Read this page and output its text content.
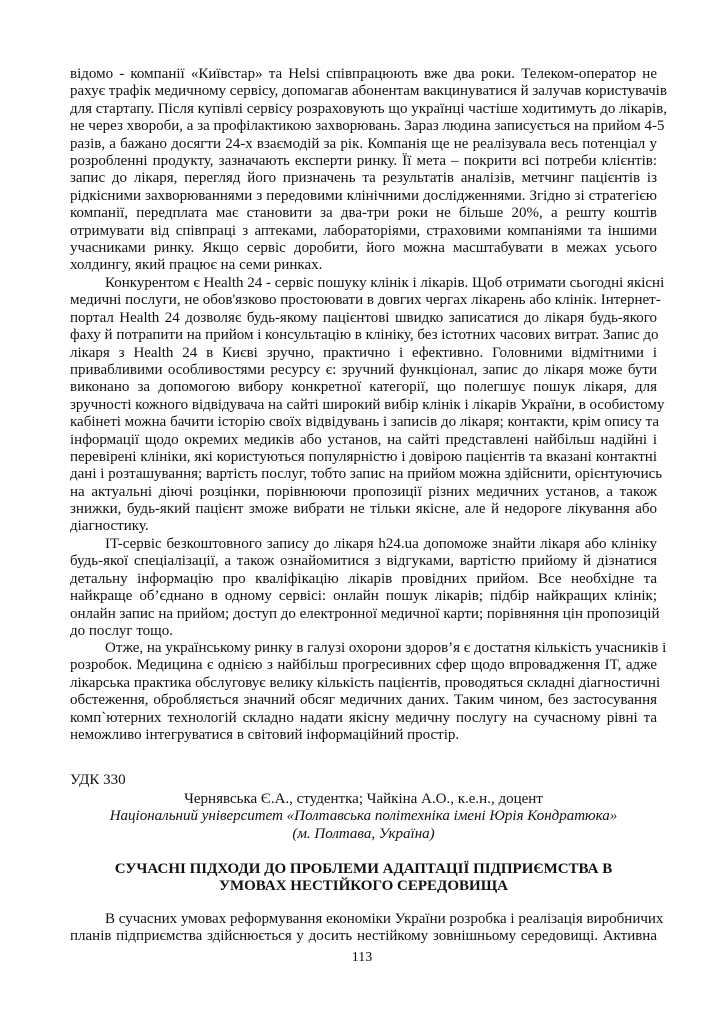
відомо - компанії «Київстар» та Helsi співпрацюють вже два роки. Телеком-оператор не
рахує трафік медичному сервісу, допомагав абонентам вакцинуватися й залучав користувачів
для стартапу. Після купівлі сервісу розраховують що українці частіше ходитимуть до лікарів,
не через хвороби, а за профілактикою захворювань. Зараз людина записується на прийом 4-5
разів, а бажано досягти 24-х взаємодій за рік. Компанія ще не реалізувала весь потенціал у
розробленні продукту, зазначають експерти ринку. Її мета – покрити всі потреби клієнтів:
запис до лікаря, перегляд його призначень та результатів аналізів, метчинг пацієнтів із
рідкісними захворюваннями з передовими клінічними дослідженнями. Згідно зі стратегією
компанії, передплата має становити за два-три роки не більше 20%, а решту коштів
отримувати від співпраці з аптеками, лабораторіями, страховими компаніями та іншими
учасниками ринку. Якщо сервіс доробити, його можна масштабувати в межах усього
холдингу, який працює на семи ринках.
Конкурентом є Health 24 - сервіс пошуку клінік і лікарів. Щоб отримати сьогодні якісні
медичні послуги, не обов'язково простоювати в довгих чергах лікарень або клінік. Інтернет-
портал Health 24 дозволяє будь-якому пацієнтові швидко записатися до лікаря будь-якого
фаху й потрапити на прийом і консультацію в клініку, без істотних часових витрат. Запис до
лікаря з Health 24 в Києві зручно, практично і ефективно. Головними відмітними і
привабливими особливостями ресурсу є: зручний функціонал, запис до лікаря може бути
виконано за допомогою вибору конкретної категорії, що полегшує пошук лікаря, для
зручності кожного відвідувача на сайті широкий вибір клінік і лікарів України, в особистому
кабінеті можна бачити історію своїх відвідувань і записів до лікаря; контакти, крім опису та
інформації щодо окремих медиків або установ, на сайті представлені найбільш надійні і
перевірені клініки, які користуються популярністю і довірою пацієнтів та вказані контактні
дані і розташування; вартість послуг, тобто запис на прийом можна здійснити, орієнтуючись
на актуальні діючі розцінки, порівнюючи пропозиції різних медичних установ, а також
знижки, будь-який пацієнт зможе вибрати не тільки якісне, але й недороге лікування або
діагностику.
IT-сервіс безкоштовного запису до лікаря h24.ua допоможе знайти лікаря або клініку
будь-якої спеціалізації, а також ознайомитися з відгуками, вартістю прийому й дізнатися
детальну інформацію про кваліфікацію лікарів провідних прийом. Все необхідне та
найкраще об’єднано в одному сервісі: онлайн пошук лікарів; підбір найкращих клінік;
онлайн запис на прийом; доступ до електронної медичної карти; порівняння цін пропозицій
до послуг тощо.
Отже, на українському ринку в галузі охорони здоров’я є достатня кількість учасників і
розробок. Медицина є однією з найбільш прогресивних сфер щодо впровадження IT, адже
лікарська практика обслуговує велику кількість пацієнтів, проводяться складні діагностичні
обстеження, обробляється значний обсяг медичних даних. Таким чином, без застосування
комп`ютерних технологій складно надати якісну медичну послугу на сучасному рівні та
неможливо інтегруватися в світовий інформаційний простір.
УДК 330
Чернявська Є.А., студентка; Чайкіна А.О., к.е.н., доцент
Національний університет «Полтавська політехніка імені Юрія Кондратюка»
(м. Полтава, Україна)
СУЧАСНІ ПІДХОДИ ДО ПРОБЛЕМИ АДАПТАЦІЇ ПІДПРИЄМСТВА В
УМОВАХ НЕСТІЙКОГО СЕРЕДОВИЩА
В сучасних умовах реформування економіки України розробка і реалізація виробничих
планів підприємства здійснюється у досить нестійкому зовнішньому середовищі. Активна
113
